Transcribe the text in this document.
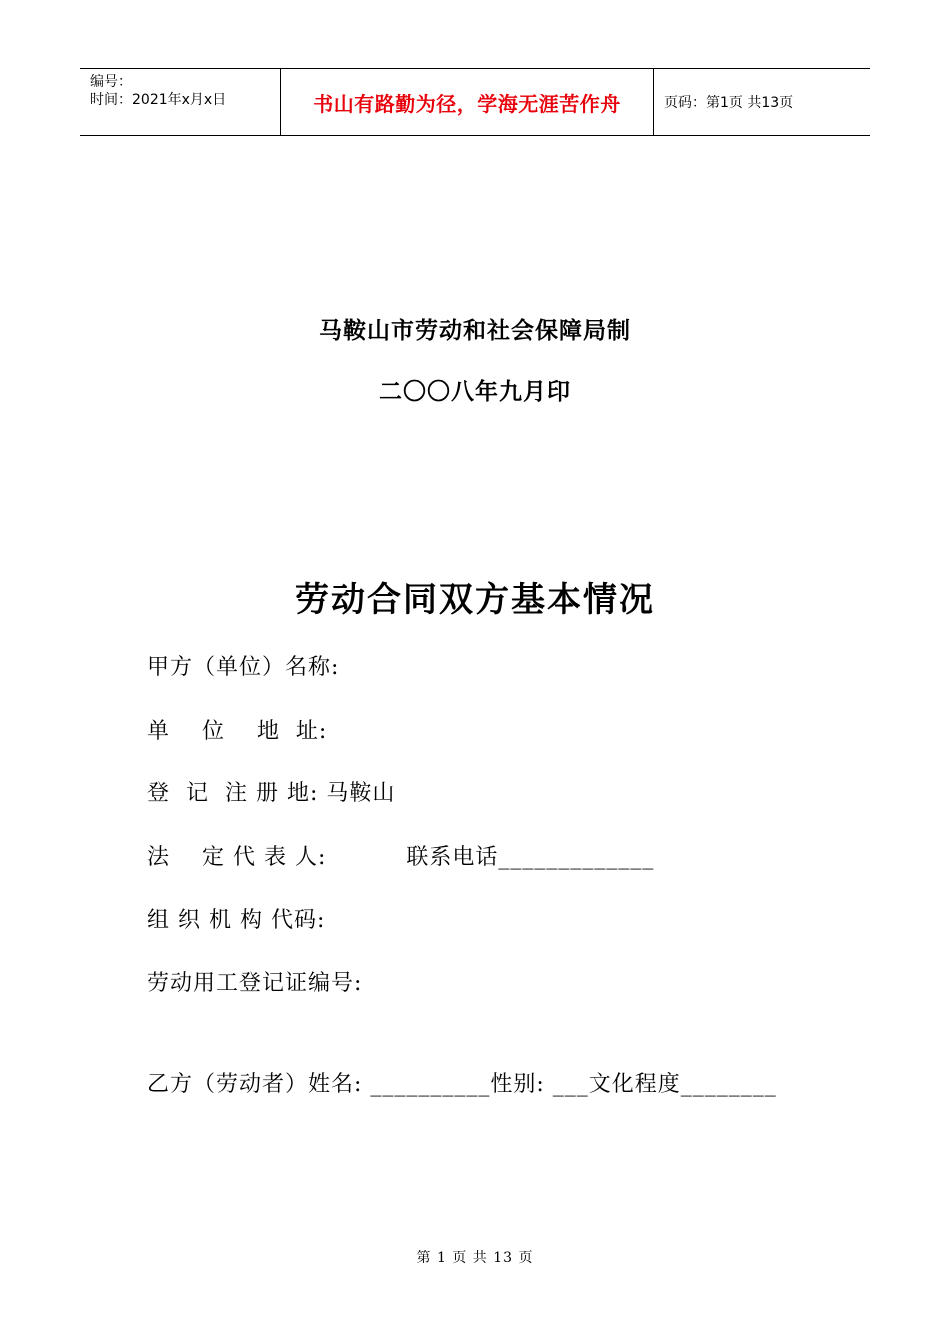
编号：
时间：2021年x月x日	书山有路勤为径，学海无涯苦作舟	页码：第1页 共13页
马鞍山市劳动和社会保障局制
二〇〇八年九月印
劳动合同双方基本情况
甲方（单位）名称:
单    位    地  址:
登  记  注 册 地: 马鞍山
法    定 代 表 人:	联系电话_____________
组 织 机 构 代码:
劳动用工登记证编号:
乙方（劳动者）姓名: __________性别: ___文化程度________
第 1 页 共 13 页
